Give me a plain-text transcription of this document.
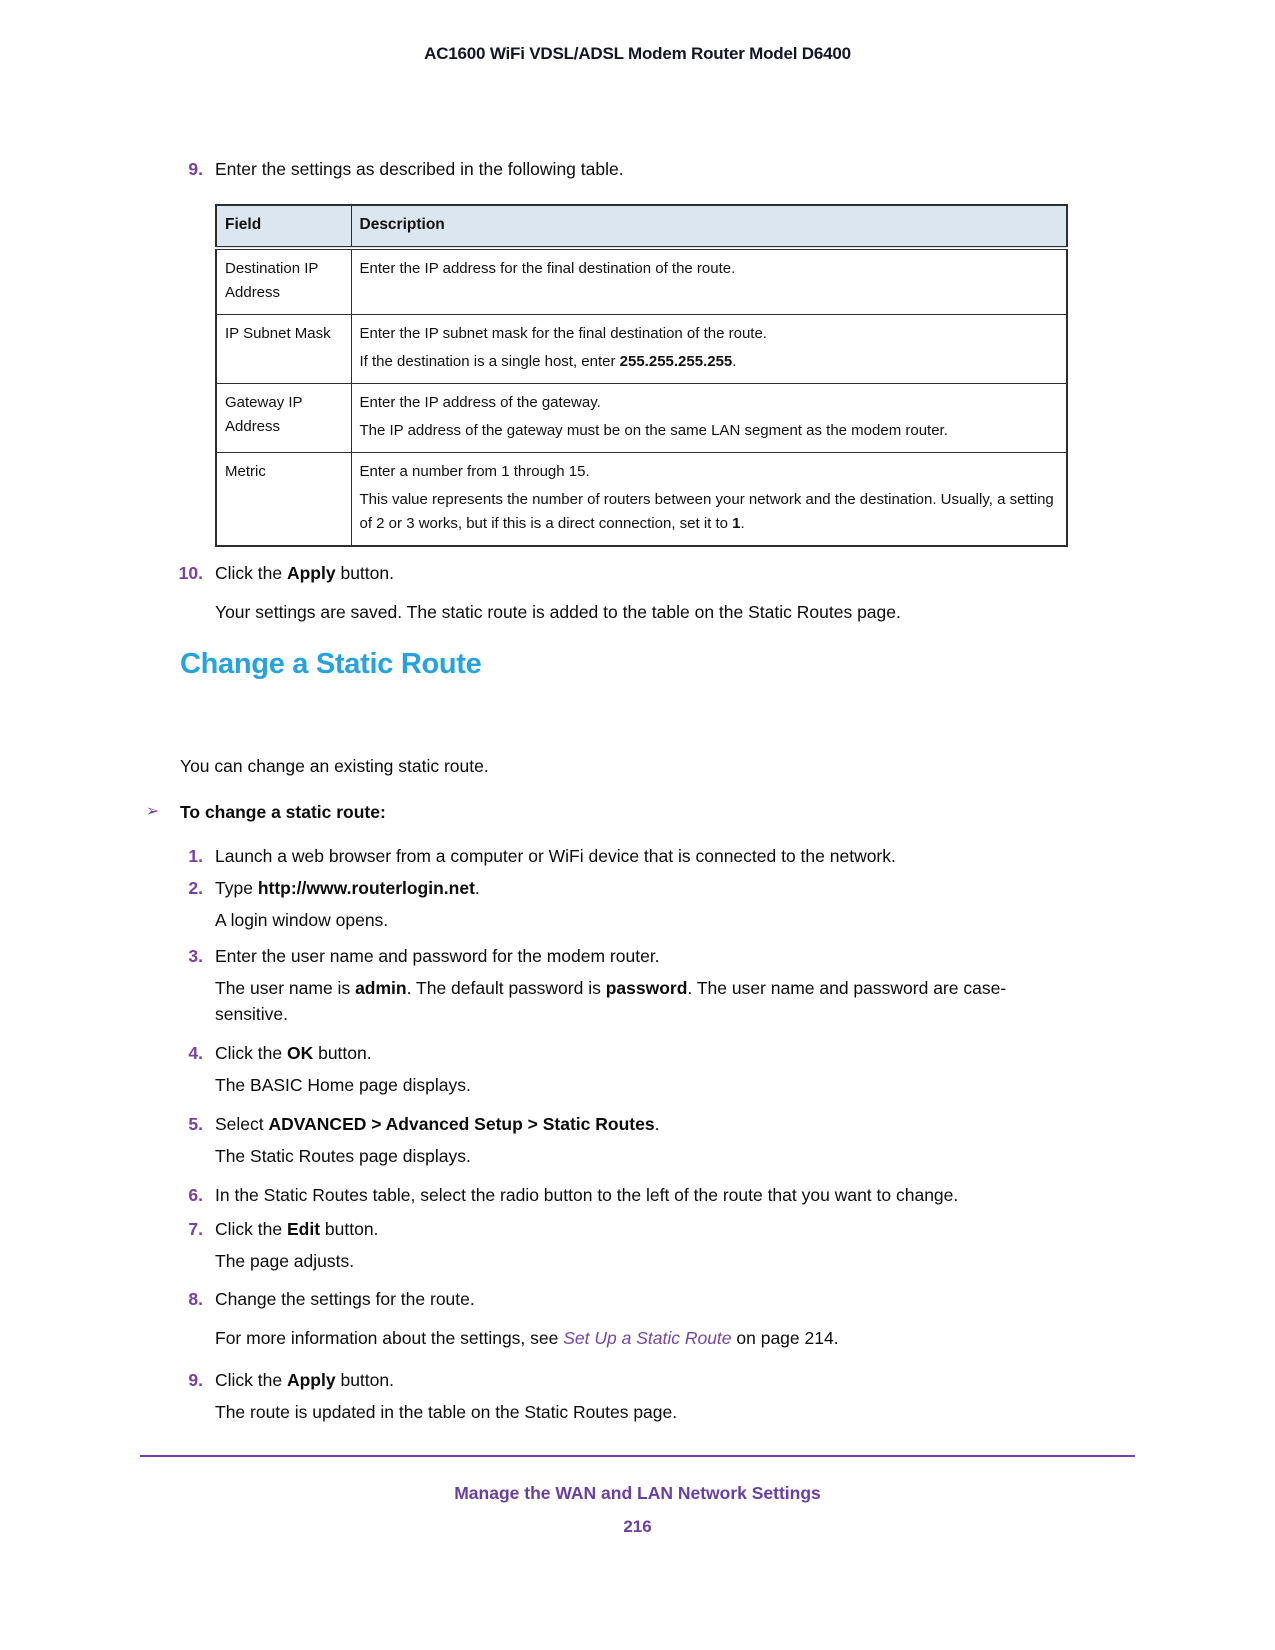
AC1600 WiFi VDSL/ADSL Modem Router Model D6400
9. Enter the settings as described in the following table.

Field	Description
Destination IP Address	Enter the IP address for the final destination of the route.

IP Subnet Mask	Enter the IP subnet mask for the final destination of the route.

If the destination is a single host, enter 255.255.255.255.

Gateway IP Address	Enter the IP address of the gateway.

The IP address of the gateway must be on the same LAN segment as the modem router.

Metric	Enter a number from 1 through 15.

This value represents the number of routers between your network and the destination. Usually, a setting of 2 or 3 works, but if this is a direct connection, set it to 1.

10. Click the Apply button.

Your settings are saved. The static route is added to the table on the Static Routes page.

Change a Static Route

You can change an existing static route.

➢	To change a static route:
1. Launch a web browser from a computer or WiFi device that is connected to the network.

2. Type http://www.routerlogin.net.

A login window opens.

3. Enter the user name and password for the modem router.

The user name is admin. The default password is password. The user name and password are case-sensitive.

4. Click the OK button.

The BASIC Home page displays.

5. Select ADVANCED > Advanced Setup > Static Routes.

The Static Routes page displays.

6. In the Static Routes table, select the radio button to the left of the route that you want to change.

7. Click the Edit button.

The page adjusts.

8. Change the settings for the route.

For more information about the settings, see Set Up a Static Route on page 214.

9. Click the Apply button.

The route is updated in the table on the Static Routes page.

Manage the WAN and LAN Network Settings
216
